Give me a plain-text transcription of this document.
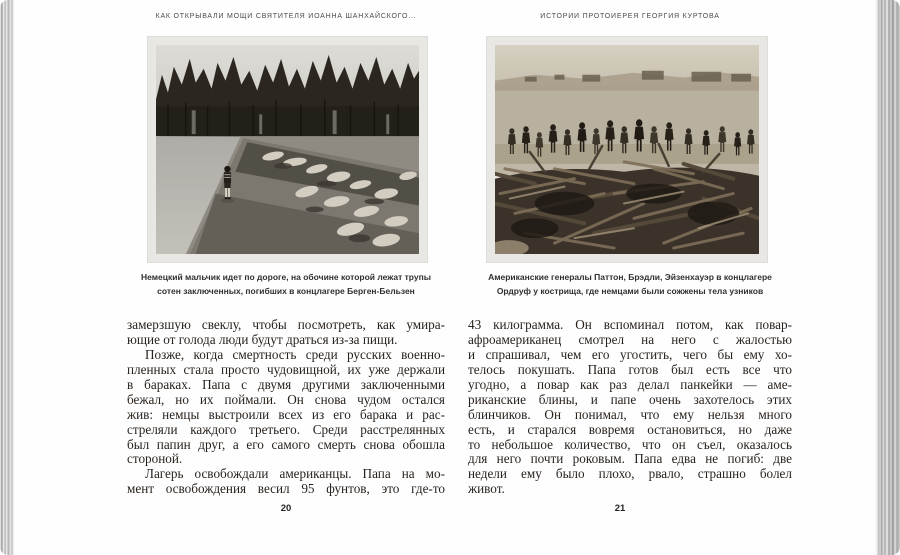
КАК ОТКРЫВАЛИ МОЩИ СВЯТИТЕЛЯ ИОАННА ШАНХАЙСКОГО...	ИСТОРИИ ПРОТОИЕРЕЯ ГЕОРГИЯ КУРТОВА
Немецкий мальчик идет по дороге, на обочине которой лежат трупы
сотен заключенных, погибших в концлагере Берген-Бельзен
Американские генералы Паттон, Брэдли, Эйзенхауэр в концлагере
Ордруф у кострища, где немцами были сожжены тела узников
замерзшую свеклу, чтобы посмотреть, как умира-
ющие от голода люди будут драться из-за пищи.
Позже, когда смертность среди русских военно-
пленных стала просто чудовищной, их уже держали
в бараках. Папа с двумя другими заключенными
бежал, но их поймали. Он снова чудом остался
жив: немцы выстроили всех из его барака и рас-
стреляли каждого третьего. Среди расстрелянных
был папин друг, а его самого смерть снова обошла
стороной.
Лагерь освобождали американцы. Папа на мо-
мент освобождения весил 95 фунтов, это где-то
43 килограмма. Он вспоминал потом, как повар-
афроамериканец смотрел на него с жалостью
и спрашивал, чем его угостить, чего бы ему хо-
телось покушать. Папа готов был есть все что
угодно, а повар как раз делал панкейки — аме-
риканские блины, и папе очень захотелось этих
блинчиков. Он понимал, что ему нельзя много
есть, и старался вовремя остановиться, но даже
то небольшое количество, что он съел, оказалось
для него почти роковым. Папа едва не погиб: две
недели ему было плохо, рвало, страшно болел
живот.
20	21
